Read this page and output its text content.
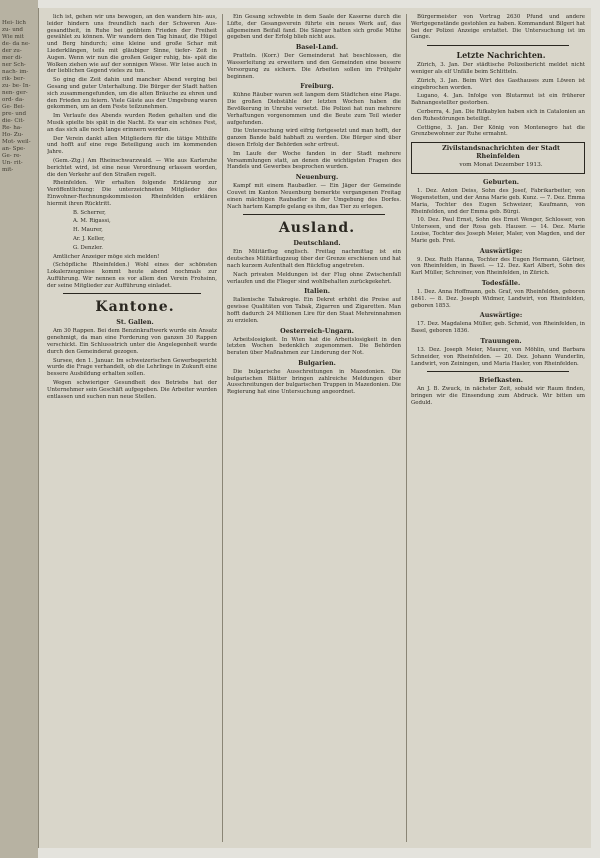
Hei- lich zu- und Wie mit de- da ne- der zu- mer di- ner Sch- nach- im- rik- ber- zu- be- In- nen- ger- ord- da- Ge- Bei- pre- und die- Cit- Re- ha- Ho- Zu- Mot- weil- an- Spe- Ge- re- Un- rit- mit-

lich ist, gehen wir uns bewogen, an den wandern hin- aus, leider hindern uns freundlich nach der Schweren Aus- gesandtheit, in Ruhe bei geübtem Frieden der Freiheit gewählet zu können. Wir wandern den Tag hinauf, die Hügel und Berg hindurch; eine kleine und große Schar mit Liederklängen, teils mit gläubiger Sinne, tiefer- Zeit in Augen. Wenn wir nun die großen Geiger ruhig, bis- spät die Wolken ziehen wie auf der sonnigen Wiese. Wir leise auch in der lieblichen Gegend vieles zu tun.

So ging die Zeit dahin und mancher Abend verging bei Gesang und guter Unterhaltung. Die Bürger der Stadt hatten sich zusammengefunden, um die alten Bräuche zu ehren und den Frieden zu feiern. Viele Gäste aus der Umgebung waren gekommen, um an dem Feste teilzunehmen.

Im Verlaufe des Abends wurden Reden gehalten und die Musik spielte bis spät in die Nacht. Es war ein schönes Fest, an das sich alle noch lange erinnern werden.

Der Verein dankt allen Mitgliedern für die tätige Mithilfe und hofft auf eine rege Beteiligung auch im kommenden Jahre.

(Gem.-Ztg.) Am Rheinschwarzwald. — Wie aus Karlsruhe berichtet wird, ist eine neue Verordnung erlassen worden, die den Verkehr auf den Straßen regelt.

Rheinfelden. Wir erhalten folgende Erklärung zur Veröffentlichung: Die unterzeichneten Mitglieder des Einwohner-Rechnungskommission Rheinfelden erklären hiermit ihren Rücktritt.

B. Scherrer,

A. M. Rigassi,

H. Maurer,

Ar. J. Keller,

G. Denzler.

Amtlicher Anzeiger möge sich melden!

(Schöpfliche Rheinfelden.) Wohl eines der schönsten Lokalerzeugnisse kommt heute abend nochmals zur Aufführung. Wir nennen es vor allem den Verein Frohsinn, der seine Mitglieder zur Aufführung einladet.

Kantone.

St. Gallen.

Am 30 Rappen. Bei dem Benzinkraftwerk wurde ein Ansatz genehmigt, da man eine Forderung von ganzen 30 Rappen verschickt. Ein Schlussstrich unter die Angelegenheit wurde durch den Gemeinderat gezogen.

Sursee, den 1. Januar. Im schweizerischen Gewerbegericht wurde die Frage verhandelt, ob die Lehrlinge in Zukunft eine bessere Ausbildung erhalten sollen.

Wegen schwieriger Gesundheit des Betriebs hat der Unternehmer sein Geschäft aufgegeben. Die Arbeiter wurden entlassen und suchen nun neue Stellen.

Ein Gesang schwebte in dem Saale der Kaserne durch die Lüfte, der Gesangsverein führte ein neues Werk auf, das allgemeinen Beifall fand. Die Sänger hatten sich große Mühe gegeben und der Erfolg blieb nicht aus.

Basel-Land.

Pratteln. (Korr.) Der Gemeinderat hat beschlossen, die Wasserleitung zu erweitern und den Gemeinden eine bessere Versorgung zu sichern. Die Arbeiten sollen im Frühjahr beginnen.

Freiburg.

Kühne Räuber waren seit langem dem Städtchen eine Plage. Die großen Diebstähle der letzten Wochen haben die Bevölkerung in Unruhe versetzt. Die Polizei hat nun mehrere Verhaftungen vorgenommen und die Beute zum Teil wieder aufgefunden.

Die Untersuchung wird eifrig fortgesetzt und man hofft, der ganzen Bande bald habhaft zu werden. Die Bürger sind über diesen Erfolg der Behörden sehr erfreut.

Im Laufe der Woche fanden in der Stadt mehrere Versammlungen statt, an denen die wichtigsten Fragen des Handels und Gewerbes besprochen wurden.

Neuenburg.

Kampf mit einem Raubadler. — Ein Jäger der Gemeinde Couvet im Kanton Neuenburg bemerkte vergangenen Freitag einen mächtigen Raubadler in der Umgebung des Dorfes. Nach hartem Kampfe gelang es ihm, das Tier zu erlegen.

Ausland.

Deutschland.

Ein Militärflug englisch. Freitag nachmittag ist ein deutsches Militärflugzeug über der Grenze erschienen und hat nach kurzem Aufenthalt den Rückflug angetreten.

Nach privaten Meldungen ist der Flug ohne Zwischenfall verlaufen und die Flieger sind wohlbehalten zurückgekehrt.

Italien.

Italienische Tabakregie. Ein Dekret erhöht die Preise auf gewisse Qualitäten von Tabak, Zigarren und Zigaretten. Man hofft dadurch 24 Millionen Lire für den Staat Mehreinnahmen zu erzielen.

Oesterreich-Ungarn.

Arbeitslosigkeit. In Wien hat die Arbeitslosigkeit in den letzten Wochen bedenklich zugenommen. Die Behörden beraten über Maßnahmen zur Linderung der Not.

Bulgarien.

Die bulgarische Ausschreitungen in Mazedonien. Die bulgarischen Blätter bringen zahlreiche Meldungen über Ausschreitungen der bulgarischen Truppen in Mazedonien. Die Regierung hat eine Untersuchung angeordnet.

Bürgermeister von Vortrag 2630 Pfund und andere Wertgegenstände gestohlen zu haben. Kommandant Bilgeri hat bei der Polizei Anzeige erstattet. Die Untersuchung ist im Gange.

Letzte Nachrichten.

Zürich, 3. Jan. Der städtische Polizeibericht meldet nicht weniger als elf Unfälle beim Schlitteln.

Zürich, 3. Jan. Beim Wirt des Gasthauses zum Löwen ist eingebrochen worden.

Lugano, 4. Jan. Infolge von Blutarmut ist ein früherer Bahnangestellter gestorben.

Cerberra, 4. Jan. Die Rifkabylen haben sich in Catalonien an den Ruhestörungen beteiligt.

Cettigne, 3. Jan. Der König von Montenegro hat die Grenzbewohner zur Ruhe ermahnt.

Zivilstandsnachrichten der Stadt Rheinfelden

vom Monat Dezember 1913.

Geburten.

1. Dez. Anton Deiss, Sohn des Josef, Fabrikarbeiter, von Wegenstetten, und der Anna Marie geb. Kunz. — 7. Dez. Emma Maria, Tochter des Eugen Schweizer, Kaufmann, von Rheinfelden, und der Emma geb. Bürgi.

10. Dez. Paul Ernst, Sohn des Ernst Wenger, Schlosser, von Unterseen, und der Rosa geb. Hauser. — 14. Dez. Marie Louise, Tochter des Joseph Meier, Maler, von Magden, und der Marie geb. Frei.

Auswärtige:

9. Dez. Ruth Hanna, Tochter des Eugen Hermann, Gärtner, von Rheinfelden, in Basel. — 12. Dez. Karl Albert, Sohn des Karl Müller, Schreiner, von Rheinfelden, in Zürich.

Todesfälle.

1. Dez. Anna Hoffmann, geb. Graf, von Rheinfelden, geboren 1841. — 8. Dez. Joseph Widmer, Landwirt, von Rheinfelden, geboren 1853.

Auswärtige:

17. Dez. Magdalena Müller, geb. Schmid, von Rheinfelden, in Basel, geboren 1836.

Trauungen.

13. Dez. Joseph Meier, Maurer, von Möhlin, und Barbara Schneider, von Rheinfelden. — 20. Dez. Johann Wunderlin, Landwirt, von Zeiningen, und Maria Hasler, von Rheinfelden.

Briefkasten.

An J. B. Zwuck, in nächster Zeit, sobald wir Raum finden, bringen wir die Einsendung zum Abdruck. Wir bitten um Geduld.
